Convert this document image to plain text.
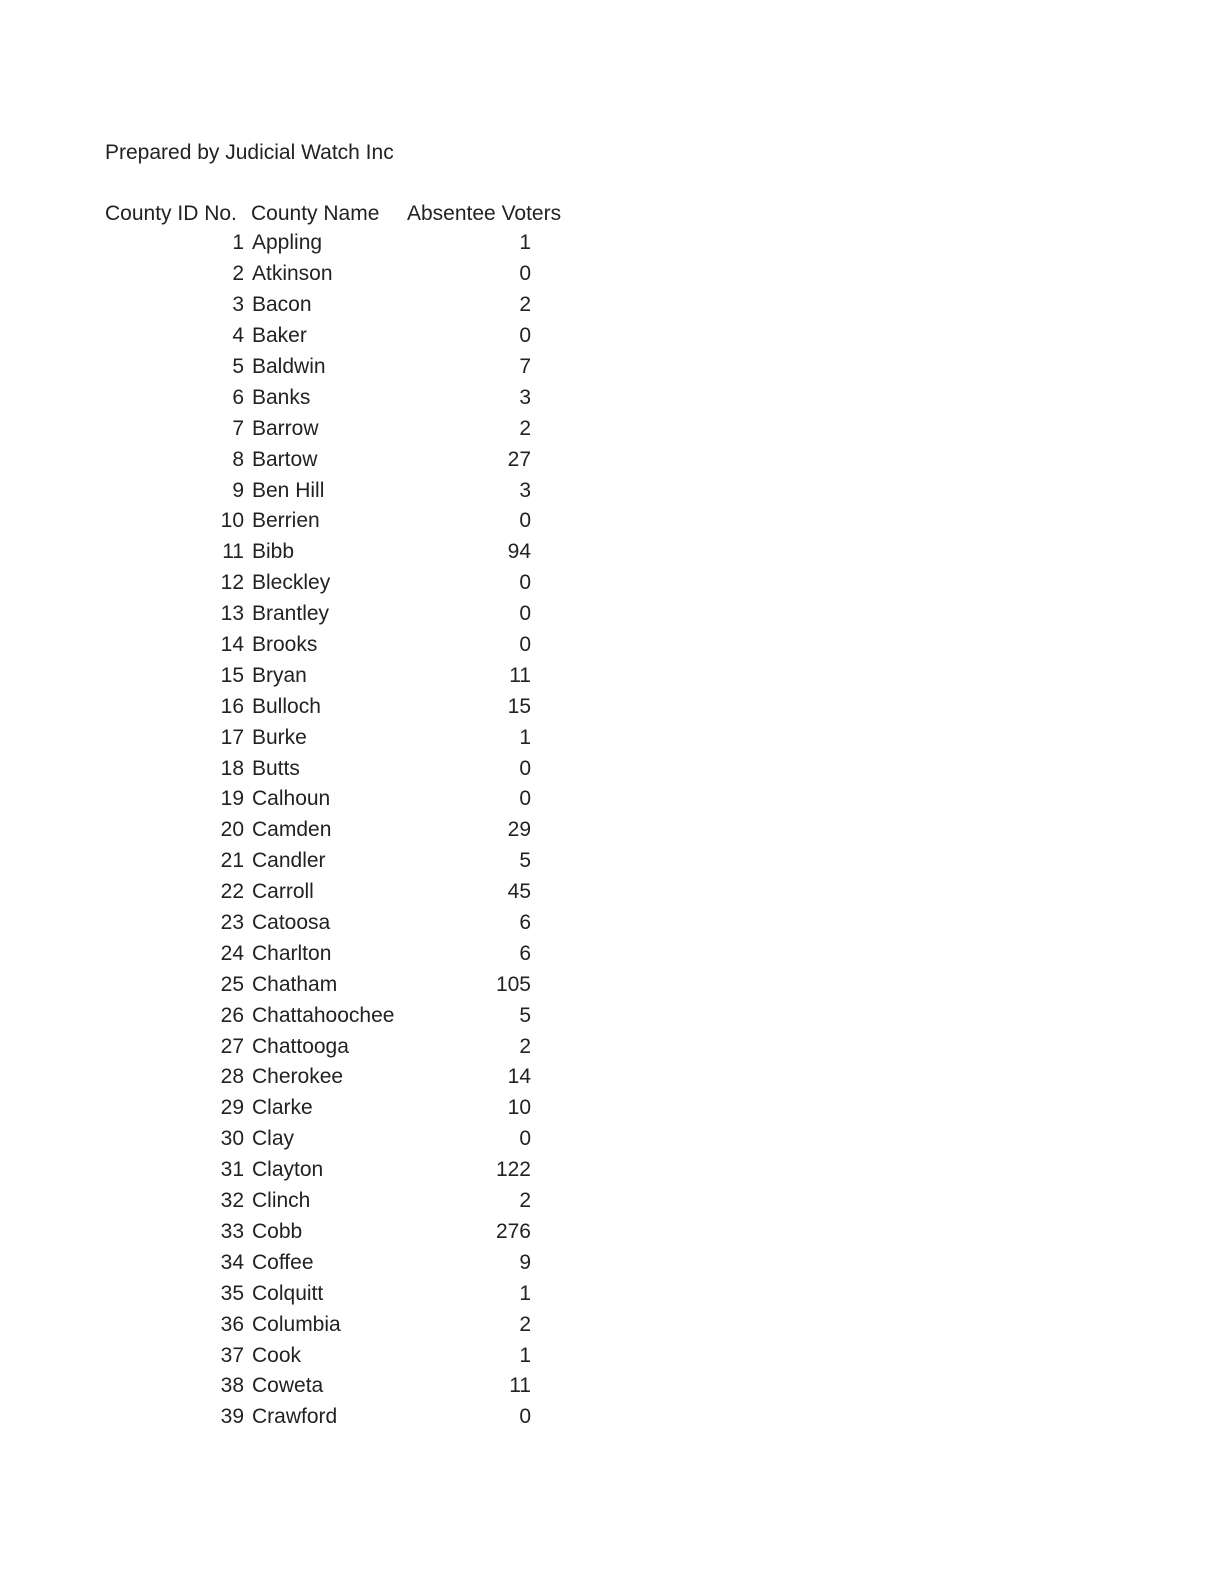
Prepared by Judicial Watch Inc
County ID No. County Name	Absentee Voters
1 Appling	1
2 Atkinson	0
3 Bacon	2
4 Baker	0
5 Baldwin	7
6 Banks	3
7 Barrow	2
8 Bartow	27
9 Ben Hill	3
10 Berrien	0
11 Bibb	94
12 Bleckley	0
13 Brantley	0
14 Brooks	0
15 Bryan	11
16 Bulloch	15
17 Burke	1
18 Butts	0
19 Calhoun	0
20 Camden	29
21 Candler	5
22 Carroll	45
23 Catoosa	6
24 Charlton	6
25 Chatham	105
26 Chattahoochee	5
27 Chattooga	2
28 Cherokee	14
29 Clarke	10
30 Clay	0
31 Clayton	122
32 Clinch	2
33 Cobb	276
34 Coffee	9
35 Colquitt	1
36 Columbia	2
37 Cook	1
38 Coweta	11
39 Crawford	0
